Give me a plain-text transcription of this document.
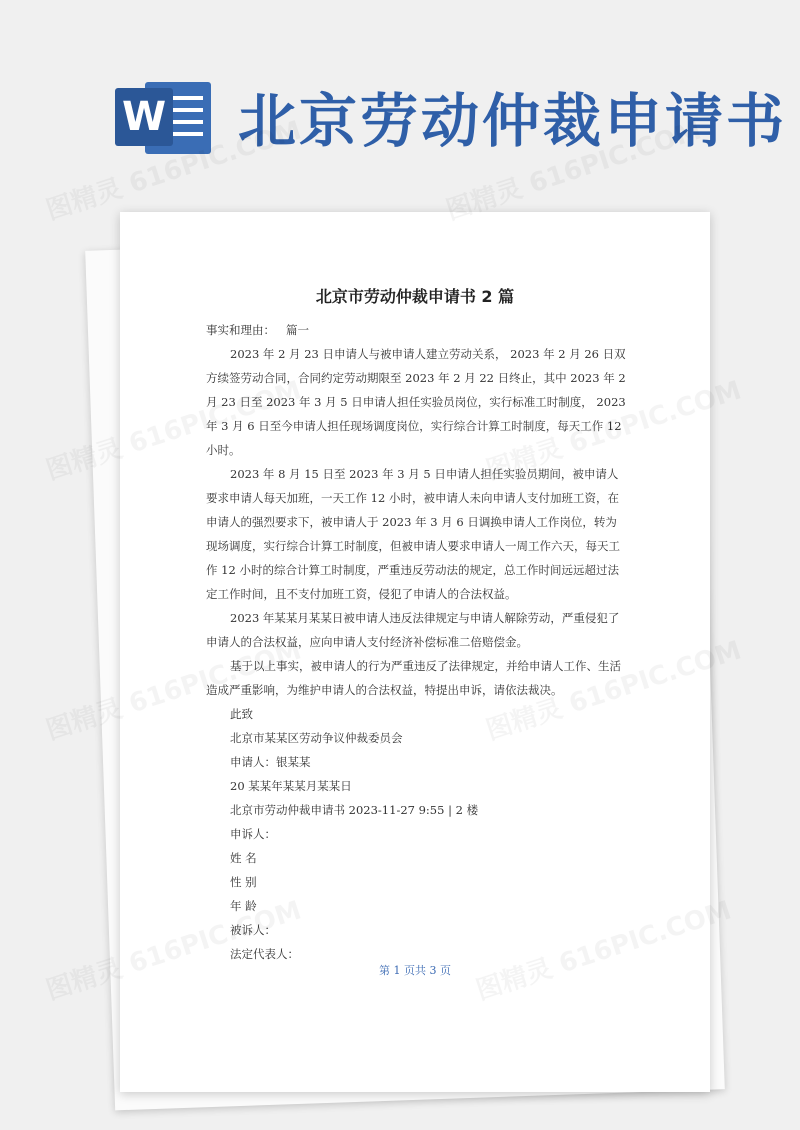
W 北京劳动仲裁申请书
北京市劳动仲裁申请书 2 篇

事实和理由： 篇一

2023 年 2 月 23 日申请人与被申请人建立劳动关系， 2023 年 2 月 26 日双方续签劳动合同，合同约定劳动期限至 2023 年 2 月 22 日终止，其中 2023 年 2 月 23 日至 2023 年 3 月 5 日申请人担任实验员岗位，实行标准工时制度， 2023 年 3 月 6 日至今申请人担任现场调度岗位，实行综合计算工时制度，每天工作 12 小时。

2023 年 8 月 15 日至 2023 年 3 月 5 日申请人担任实验员期间，被申请人要求申请人每天加班，一天工作 12 小时，被申请人未向申请人支付加班工资，在申请人的强烈要求下，被申请人于 2023 年 3 月 6 日调换申请人工作岗位，转为现场调度，实行综合计算工时制度，但被申请人要求申请人一周工作六天，每天工作 12 小时的综合计算工时制度，严重违反劳动法的规定，总工作时间远远超过法定工作时间，且不支付加班工资，侵犯了申请人的合法权益。

2023 年某某月某某日被申请人违反法律规定与申请人解除劳动，严重侵犯了申请人的合法权益，应向申请人支付经济补偿标准二倍赔偿金。

基于以上事实，被申请人的行为严重违反了法律规定，并给申请人工作、生活造成严重影响，为维护申请人的合法权益，特提出申诉，请依法裁决。

此致

北京市某某区劳动争议仲裁委员会

申请人：银某某

20 某某年某某月某某日

北京市劳动仲裁申请书 2023-11-27 9:55 | 2 楼

申诉人：

姓 名

性 别

年 龄

被诉人：

法定代表人：

第 1 页共 3 页
